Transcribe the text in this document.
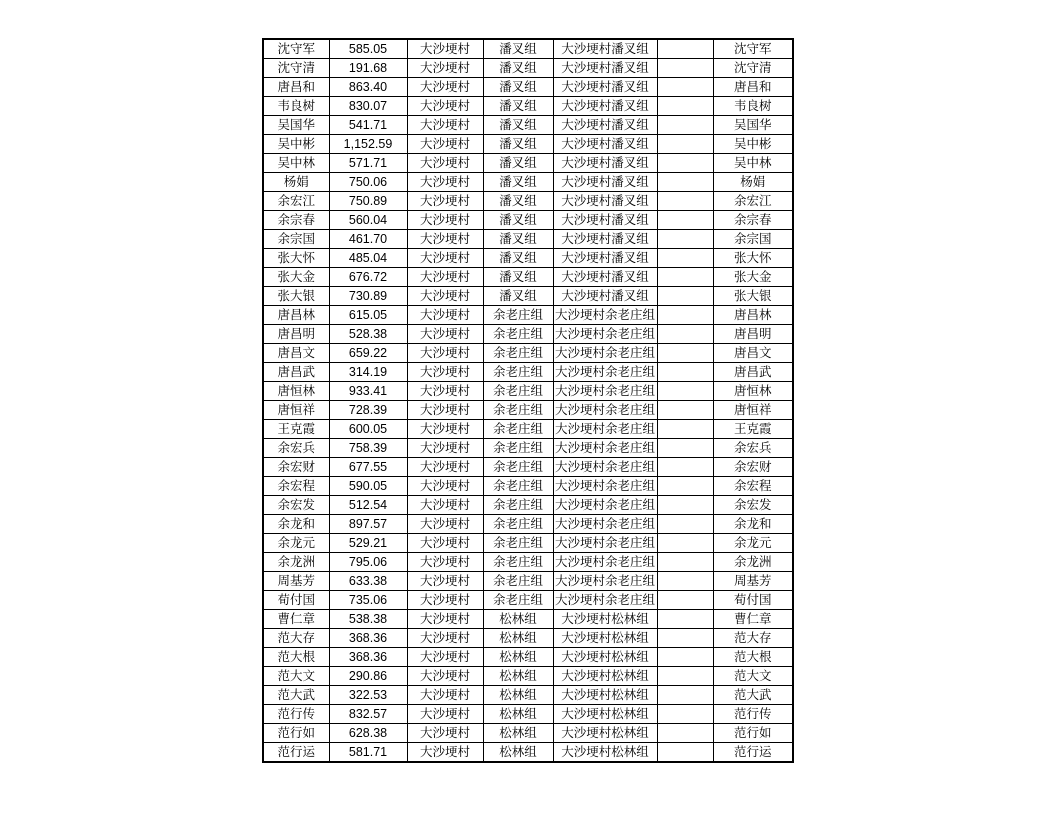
沈守军	585.05	大沙埂村	潘叉组	大沙埂村潘叉组		沈守军
沈守清	191.68	大沙埂村	潘叉组	大沙埂村潘叉组		沈守清
唐昌和	863.40	大沙埂村	潘叉组	大沙埂村潘叉组		唐昌和
韦良树	830.07	大沙埂村	潘叉组	大沙埂村潘叉组		韦良树
吴国华	541.71	大沙埂村	潘叉组	大沙埂村潘叉组		吴国华
吴中彬	1,152.59	大沙埂村	潘叉组	大沙埂村潘叉组		吴中彬
吴中林	571.71	大沙埂村	潘叉组	大沙埂村潘叉组		吴中林
杨娟	750.06	大沙埂村	潘叉组	大沙埂村潘叉组		杨娟
余宏江	750.89	大沙埂村	潘叉组	大沙埂村潘叉组		余宏江
余宗春	560.04	大沙埂村	潘叉组	大沙埂村潘叉组		余宗春
余宗国	461.70	大沙埂村	潘叉组	大沙埂村潘叉组		余宗国
张大怀	485.04	大沙埂村	潘叉组	大沙埂村潘叉组		张大怀
张大金	676.72	大沙埂村	潘叉组	大沙埂村潘叉组		张大金
张大银	730.89	大沙埂村	潘叉组	大沙埂村潘叉组		张大银
唐昌林	615.05	大沙埂村	余老庄组	大沙埂村余老庄组		唐昌林
唐昌明	528.38	大沙埂村	余老庄组	大沙埂村余老庄组		唐昌明
唐昌文	659.22	大沙埂村	余老庄组	大沙埂村余老庄组		唐昌文
唐昌武	314.19	大沙埂村	余老庄组	大沙埂村余老庄组		唐昌武
唐恒林	933.41	大沙埂村	余老庄组	大沙埂村余老庄组		唐恒林
唐恒祥	728.39	大沙埂村	余老庄组	大沙埂村余老庄组		唐恒祥
王克霞	600.05	大沙埂村	余老庄组	大沙埂村余老庄组		王克霞
余宏兵	758.39	大沙埂村	余老庄组	大沙埂村余老庄组		余宏兵
余宏财	677.55	大沙埂村	余老庄组	大沙埂村余老庄组		余宏财
余宏程	590.05	大沙埂村	余老庄组	大沙埂村余老庄组		余宏程
余宏发	512.54	大沙埂村	余老庄组	大沙埂村余老庄组		余宏发
余龙和	897.57	大沙埂村	余老庄组	大沙埂村余老庄组		余龙和
余龙元	529.21	大沙埂村	余老庄组	大沙埂村余老庄组		余龙元
余龙洲	795.06	大沙埂村	余老庄组	大沙埂村余老庄组		余龙洲
周基芳	633.38	大沙埂村	余老庄组	大沙埂村余老庄组		周基芳
荀付国	735.06	大沙埂村	余老庄组	大沙埂村余老庄组		荀付国
曹仁章	538.38	大沙埂村	松林组	大沙埂村松林组		曹仁章
范大存	368.36	大沙埂村	松林组	大沙埂村松林组		范大存
范大根	368.36	大沙埂村	松林组	大沙埂村松林组		范大根
范大文	290.86	大沙埂村	松林组	大沙埂村松林组		范大文
范大武	322.53	大沙埂村	松林组	大沙埂村松林组		范大武
范行传	832.57	大沙埂村	松林组	大沙埂村松林组		范行传
范行如	628.38	大沙埂村	松林组	大沙埂村松林组		范行如
范行运	581.71	大沙埂村	松林组	大沙埂村松林组		范行运
